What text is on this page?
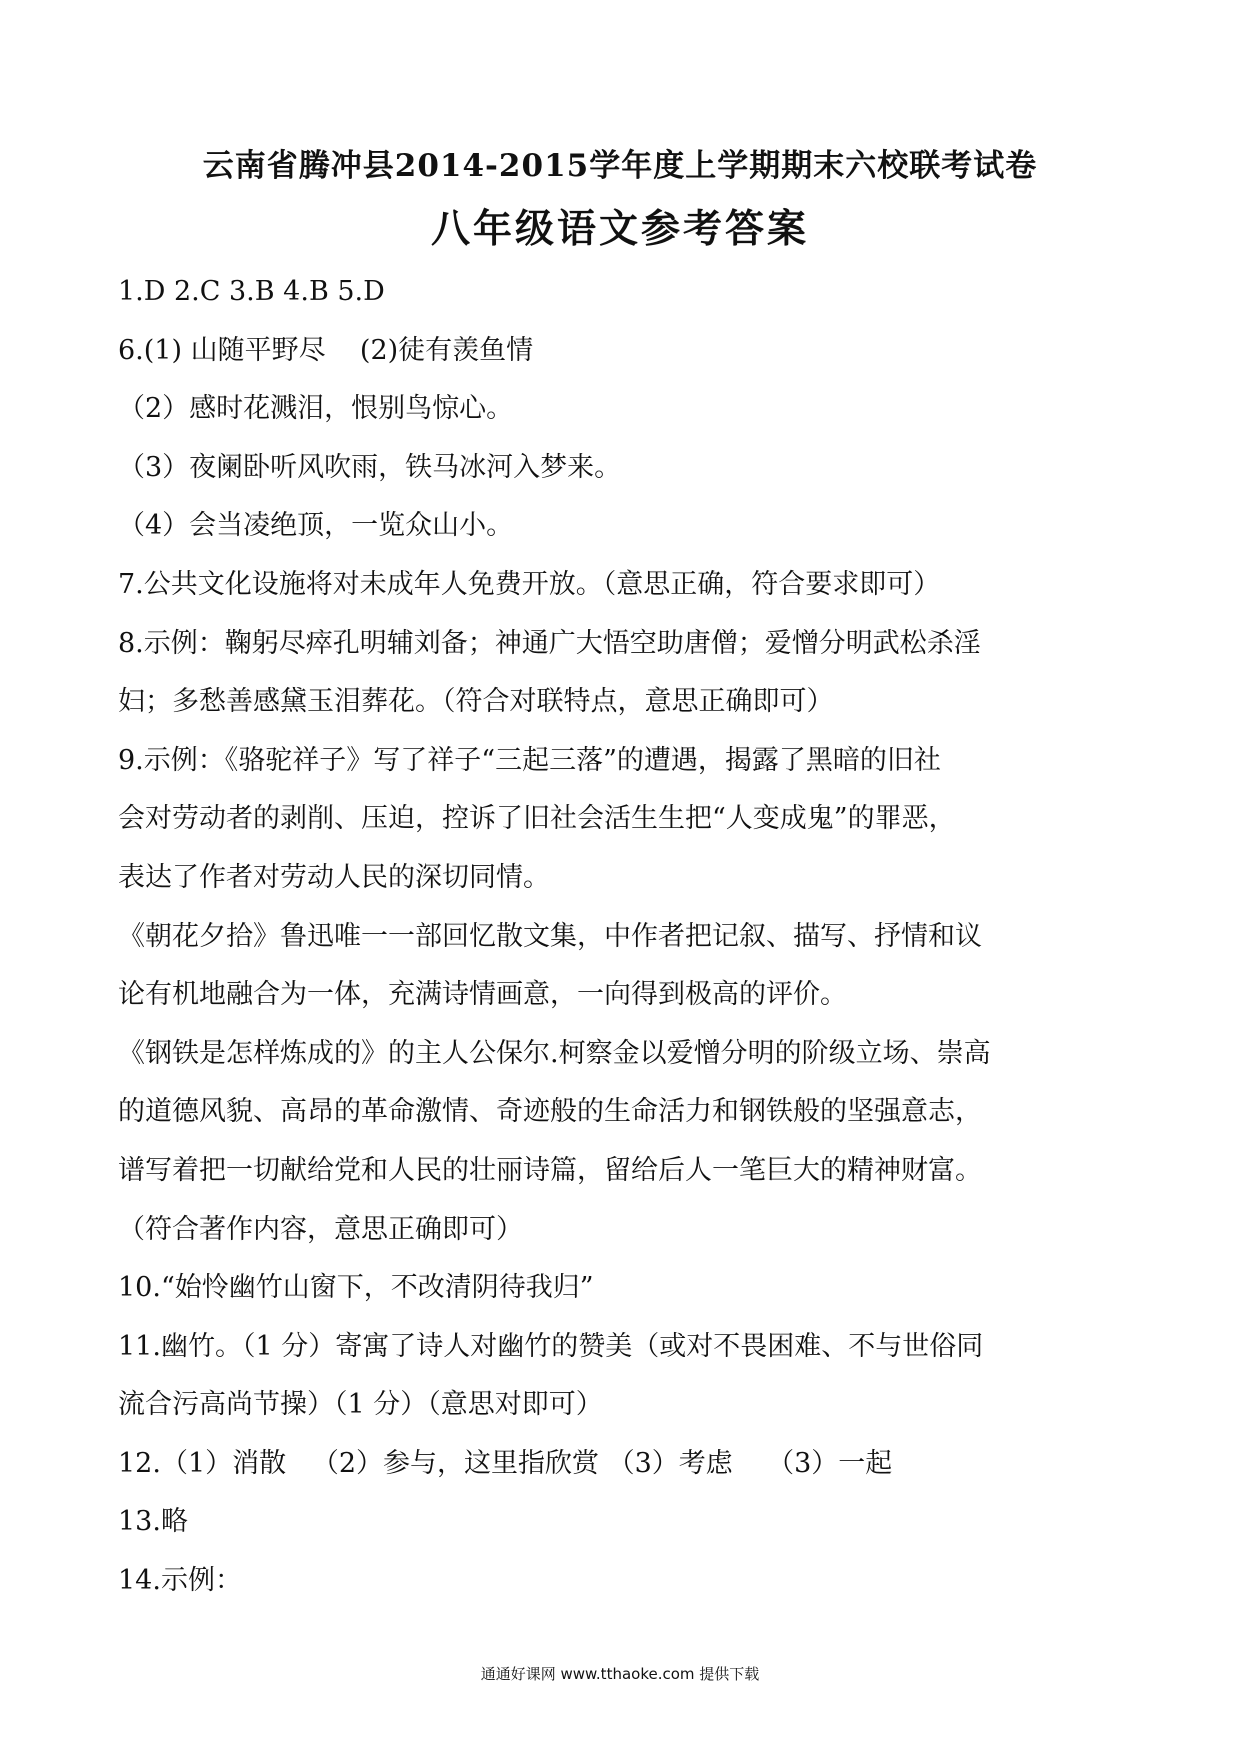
云南省腾冲县2014-2015学年度上学期期末六校联考试卷
八年级语文参考答案
1.D 2.C 3.B 4.B 5.D
6.(1) 山随平野尽    (2)徒有羡鱼情
（2）感时花溅泪，恨别鸟惊心。
（3）夜阑卧听风吹雨，铁马冰河入梦来。
（4）会当凌绝顶，一览众山小。
7.公共文化设施将对未成年人免费开放。（意思正确，符合要求即可）
8.示例：鞠躬尽瘁孔明辅刘备；神通广大悟空助唐僧；爱憎分明武松杀淫
妇；多愁善感黛玉泪葬花。（符合对联特点，意思正确即可）
9.示例：《骆驼祥子》写了祥子“三起三落”的遭遇，揭露了黑暗的旧社
会对劳动者的剥削、压迫，控诉了旧社会活生生把“人变成鬼”的罪恶，
表达了作者对劳动人民的深切同情。
《朝花夕拾》鲁迅唯一一部回忆散文集，中作者把记叙、描写、抒情和议
论有机地融合为一体，充满诗情画意，一向得到极高的评价。
《钢铁是怎样炼成的》的主人公保尔.柯察金以爱憎分明的阶级立场、崇高
的道德风貌、高昂的革命激情、奇迹般的生命活力和钢铁般的坚强意志，
谱写着把一切献给党和人民的壮丽诗篇，留给后人一笔巨大的精神财富。
（符合著作内容，意思正确即可）
10.“始怜幽竹山窗下，不改清阴待我归”
11.幽竹。（1 分）寄寓了诗人对幽竹的赞美（或对不畏困难、不与世俗同
流合污高尚节操）（1 分）（意思对即可）
12.（1）消散   （2）参与，这里指欣赏 （3）考虑    （3）一起
13.略
14.示例：
通通好课网 www.tthaoke.com 提供下载
